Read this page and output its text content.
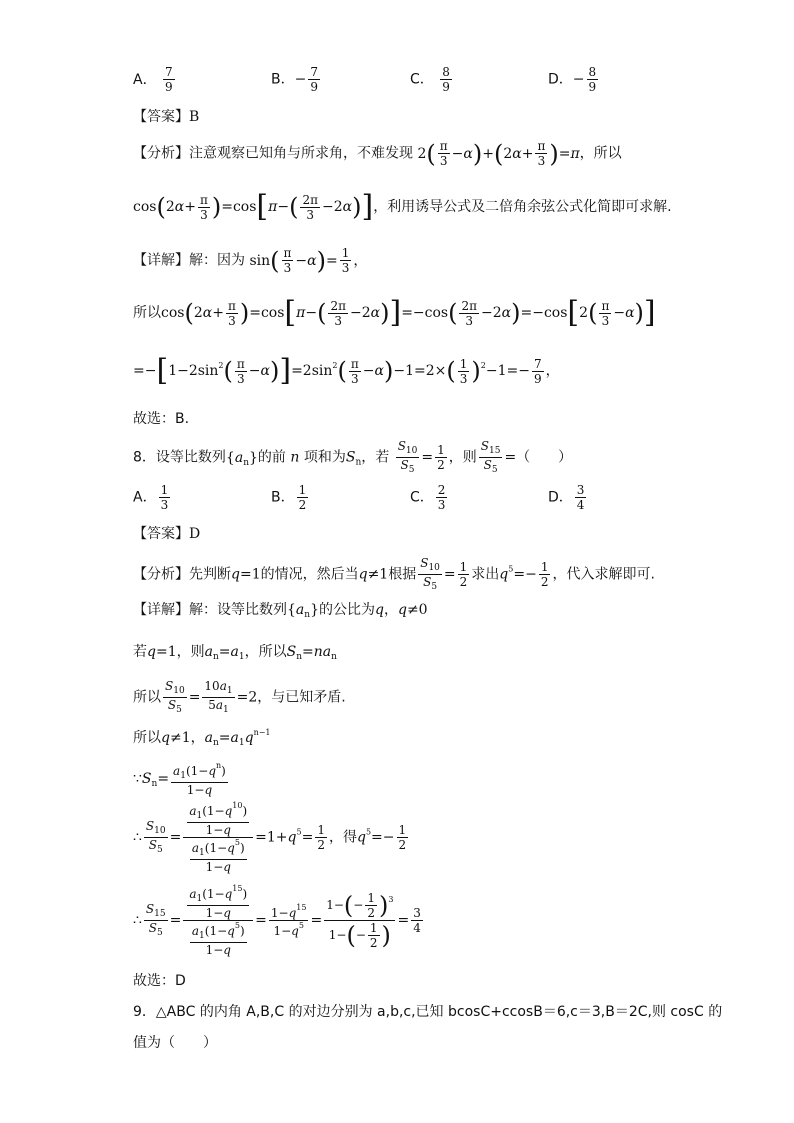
A． $\frac{7}{9}$	B．− $\frac{7}{9}$	C． $\frac{8}{9}$	D．− $\frac{8}{9}$
【答案】B
【分析】注意观察已知角与所求角，不难发现 $2( \frac{\pi}{3} -\alpha)+(2\alpha+ \frac{\pi}{3} )=\pi$，所以
$\cos(2\alpha+ \frac{\pi}{3} )=\cos[\pi-( \frac{2\pi}{3} -2\alpha)]$，利用诱导公式及二倍角余弦公式化简即可求解.
【详解】解：因为 $\sin( \frac{\pi}{3} -\alpha)= \frac{1}{3}$ ，
所以$\cos(2\alpha+ \frac{\pi}{3} )=\cos[\pi-( \frac{2\pi}{3} -2\alpha)]=-\cos( \frac{2\pi}{3} -2\alpha)=-\cos[2( \frac{\pi}{3} -\alpha)]$
$=-[1-2\sin^2( \frac{\pi}{3} -\alpha)]=2\sin^2( \frac{\pi}{3} -\alpha)-1=2\times( \frac{1}{3} )^2-1=- \frac{7}{9}$ ，
故选：B.
8．设等比数列$\{a_n\}$的前 n 项和为$S_n$，若 $\frac{S_{10}}{S_5} = \frac{1}{2}$ ，则 $\frac{S_{15}}{S_5}$ =（　　）
A． $\frac{1}{3}$	B． $\frac{1}{2}$	C． $\frac{2}{3}$	D． $\frac{3}{4}$
【答案】D
【分析】先判断q=1的情况，然后当q≠1根据 $\frac{S_{10}}{S_5} = \frac{1}{2}$ 求出$q^5=- \frac{1}{2}$ ，代入求解即可.
【详解】解：设等比数列$\{a_n\}$的公比为q，q≠0
若q=1，则$a_n=a_1$，所以$S_n=na_n$
所以 $\frac{S_{10}}{S_5} = \frac{10a_1}{5a_1} =2$，与已知矛盾.
所以q≠1，$a_n=a_1q^{n-1}$
$\because S_n= \frac{a_1(1-q^n)}{1-q}$
∴ $\frac{S_{10}}{S_5} = \frac{\frac{a_1(1-q^{10})}{1-q}}{\frac{a_1(1-q^5)}{1-q}} =1+q^5= \frac{1}{2}$ ，得$q^5=- \frac{1}{2}$
∴ $\frac{S_{15}}{S_5} = \frac{\frac{a_1(1-q^{15})}{1-q}}{\frac{a_1(1-q^5)}{1-q}} = \frac{1-q^{15}}{1-q^5} = \frac{1-(- \frac{1}{2} )^3}{1-(- \frac{1}{2} )} = \frac{3}{4}$
故选：D
9．△ABC 的内角 A,B,C 的对边分别为 a,b,c,已知 bcosC+ccosB＝6,c＝3,B＝2C,则 cosC 的
值为（　　）
